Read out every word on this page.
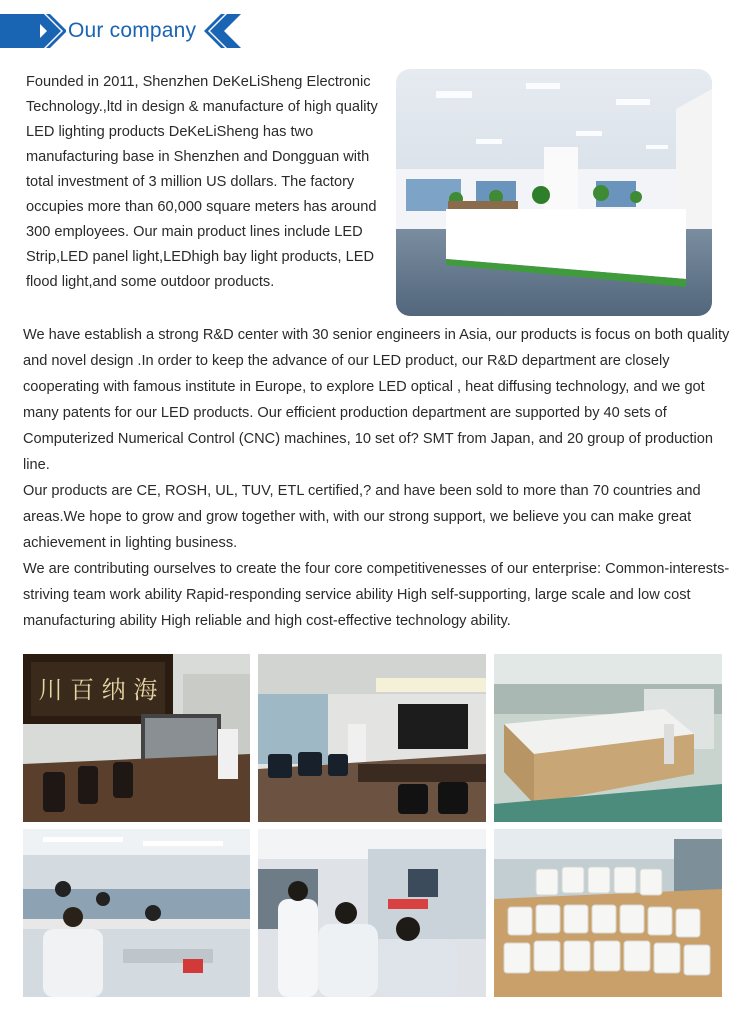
Our company
Founded in 2011, Shenzhen DeKeLiSheng Electronic Technology.,ltd in design & manufacture of high quality LED lighting products DeKeLiSheng has two manufacturing base in Shenzhen and Dongguan with total investment of 3 million US dollars. The factory occupies more than 60,000 square meters has around 300 employees. Our main product lines include LED Strip,LED panel light,LEDhigh bay light products, LED flood light,and some outdoor products.

We have establish a strong R&D center with 30 senior engineers in Asia, our products is focus on both quality and novel design .In order to keep the advance of our LED product, our R&D department are closely cooperating with famous institute in Europe, to explore LED optical , heat diffusing technology, and we got many patents for our LED products. Our efficient production department are supported by 40 sets of Computerized Numerical Control (CNC) machines, 10 set of? SMT from Japan, and 20 group of production line.

Our products are CE, ROSH, UL, TUV, ETL certified,? and have been sold to more than 70 countries and areas.We hope to grow and grow together with, with our strong support, we believe you can make great achievement in lighting business.

We are contributing ourselves to create the four core competitivenesses of our enterprise: Common-interests-striving team work ability Rapid-responding service ability High self-supporting, large scale and low cost manufacturing ability High reliable and high cost-effective technology ability.

川 百 纳 海
